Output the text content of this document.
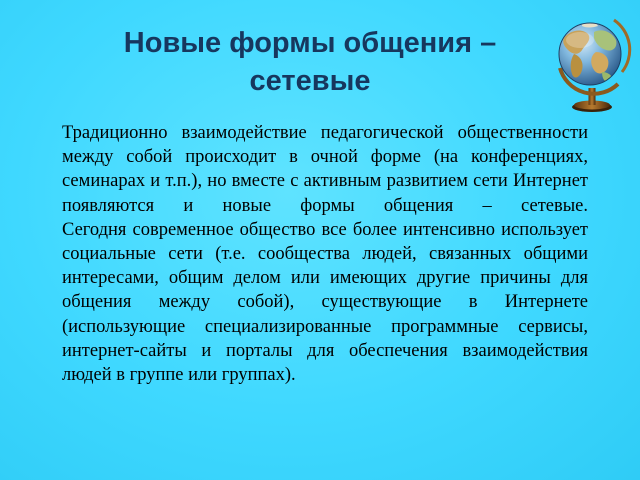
Новые формы общения –
сетевые
Традиционно взаимодействие педагогической общественности между собой происходит в очной форме (на конференциях, семинарах и т.п.), но вместе с активным развитием сети Интернет появляются и новые формы общения – сетевые.
Сегодня современное общество все более интенсивно использует социальные сети (т.е. сообщества людей, связанных общими интересами, общим делом или имеющих другие причины для общения между собой), существующие в Интернете (использующие специализированные программные сервисы, интернет-сайты и порталы для обеспечения взаимодействия людей в группе или группах).
